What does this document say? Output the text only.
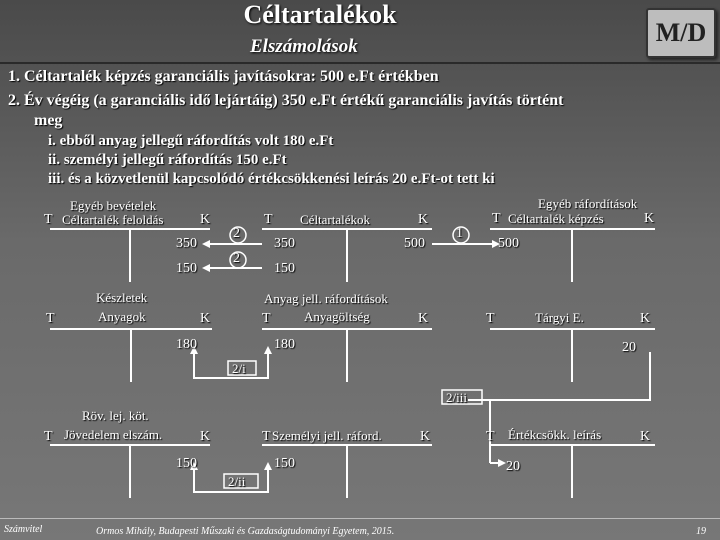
Céltartalékok
Elszámolások	M/D
1. Céltartalék képzés garanciális javításokra: 500 e.Ft értékben
2. Év végéig (a garanciális idő lejártáig) 350 e.Ft értékű garanciális javítás történt
meg
i. ebből anyag jellegű ráfordítás volt 180 e.Ft
ii. személyi jellegű ráfordítás 150 e.Ft
iii. és a közvetlenül kapcsolódó értékcsökkenési leírás 20 e.Ft-ot tett ki
2
2
1
2/i
2/iii
2/ii
Egyéb bevételek
Céltartalék feloldás
T	K
350
150
Céltartalékok
T	K
350
150
500
Egyéb ráfordítások
Céltartalék képzés
T	K
500
Készletek
Anyagok
T	K
180
Anyag jell. ráfordítások
Anyagöltség
T	K
180
Tárgyi E.
T	K
20
Röv. lej. köt.
Jövedelem elszám.
T	K
150
Személyi jell. ráford.
T	K
150
Értékcsökk. leírás
T	K
20
Számvitel	Ormos Mihály, Budapesti Műszaki és Gazdaságtudományi Egyetem, 2015.	19
